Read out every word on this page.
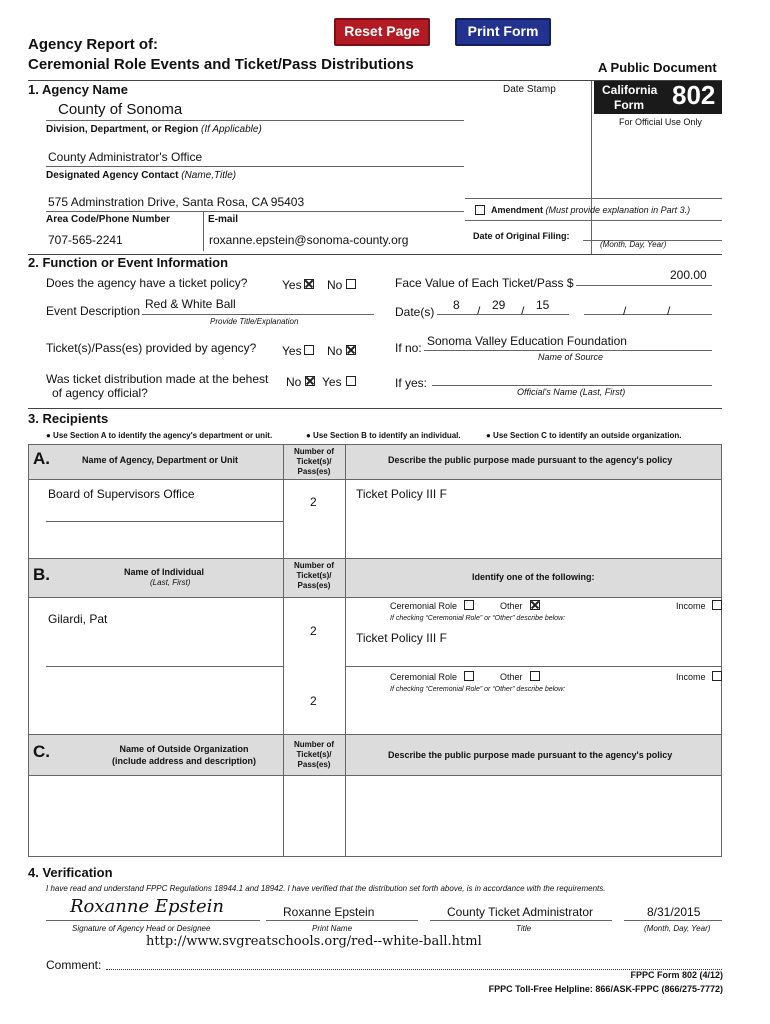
Reset Page	Print Form
Agency Report of:
Ceremonial Role Events and Ticket/Pass Distributions	A Public Document
Date Stamp	California
Form 802
For Official Use Only
1. Agency Name
County of Sonoma
Division, Department, or Region (If Applicable)
County Administrator's Office
Designated Agency Contact (Name,Title)
575 Adminstration Drive, Santa Rosa, CA 95403
Area Code/Phone Number	E-mail
707-565-2241	roxanne.epstein@sonoma-county.org
Amendment (Must provide explanation in Part 3.)
Date of Original Filing:
(Month, Day, Year)
2. Function or Event Information
Does the agency have a ticket policy?	Yes No	Face Value of Each Ticket/Pass $
200.00
Event Description Red & White Ball
Provide Title/Explanation
Date(s) 8 / 29 / 15	/	/
Ticket(s)/Pass(es) provided by agency? Yes No	If no: Sonoma Valley Education Foundation
Name of Source
Was ticket distribution made at the behest
of agency official?
No Yes	If yes:
Official's Name (Last, First)
3. Recipients
● Use Section A to identify the agency's department or unit.	● Use Section B to identify an individual.	● Use Section C to identify an outside organization.
A.	Name of Agency, Department or Unit
Number of
Ticket(s)/
Pass(es)
Describe the public purpose made pursuant to the agency's policy
Board of Supervisors Office
2
Ticket Policy III F
B.	Name of Individual
(Last, First)
Number of
Ticket(s)/
Pass(es)
Identify one of the following:
Ceremonial Role	Other	Income
If checking “Ceremonial Role” or “Other” describe below:
Gilardi, Pat
2	Ticket Policy III F
Ceremonial Role	Other	Income
If checking “Ceremonial Role” or “Other” describe below:
2
C.	Name of Outside Organization
(include address and description)
Number of
Ticket(s)/
Pass(es)
Describe the public purpose made pursuant to the agency's policy
4. Verification
I have read and understand FPPC Regulations 18944.1 and 18942. I have verified that the distribution set forth above, is in accordance with the requirements.
Roxanne Epstein
Signature of Agency Head or Designee
Roxanne Epstein
Print Name
County Ticket Administrator
Title
8/31/2015
(Month, Day, Year)
http://www.svgreatschools.org/red--white-ball.html
Comment:
FPPC Form 802 (4/12)
FPPC Toll-Free Helpline: 866/ASK-FPPC (866/275-7772)
